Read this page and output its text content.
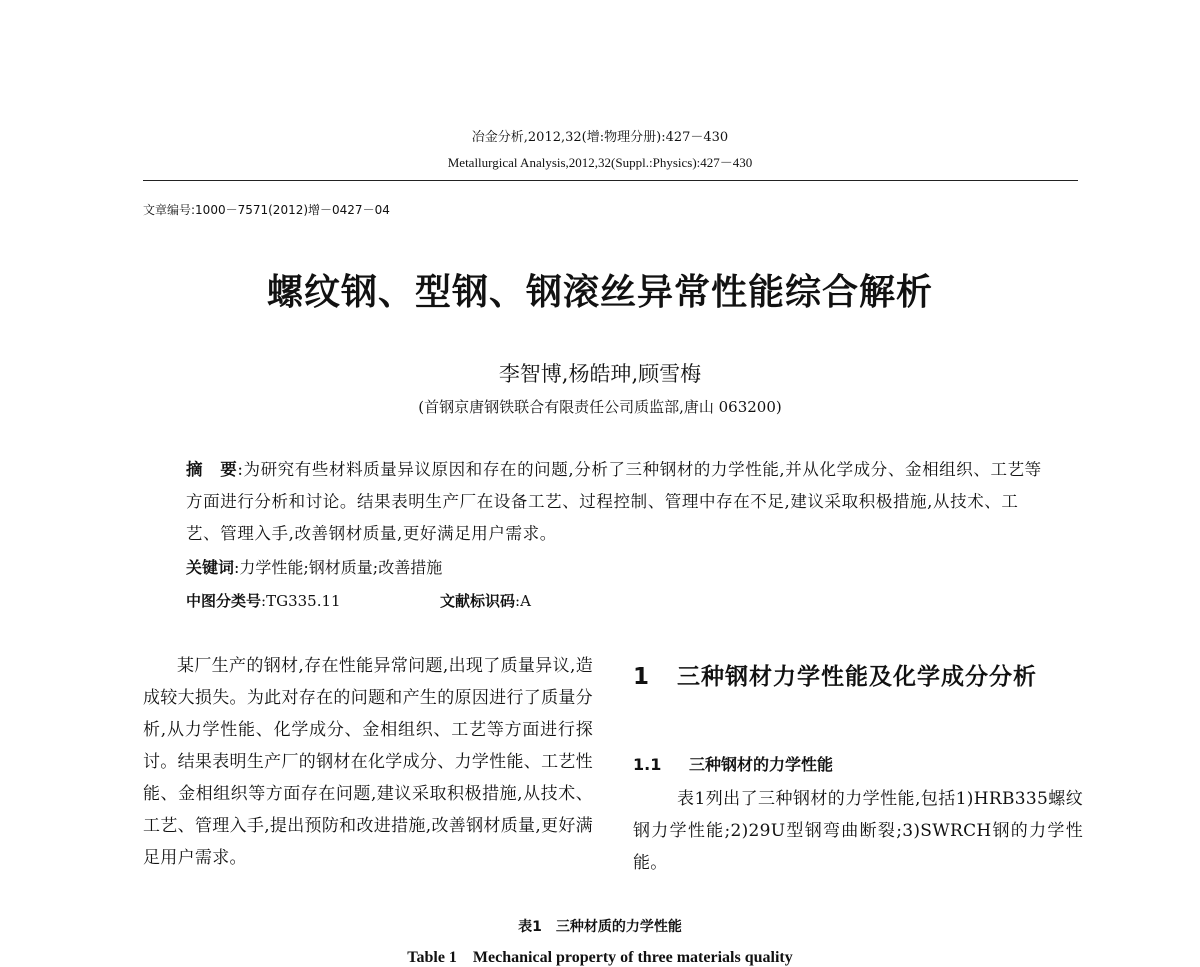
冶金分析,2012,32(增:物理分册):427－430
Metallurgical Analysis,2012,32(Suppl.:Physics):427－430
文章编号:1000－7571(2012)增－0427－04
螺纹钢、型钢、钢滚丝异常性能综合解析
李智博,杨皓珅,顾雪梅
(首钢京唐钢铁联合有限责任公司质监部,唐山 063200)

摘　要:为研究有些材料质量异议原因和存在的问题,分析了三种钢材的力学性能,并从化学成分、金相组织、工艺等方面进行分析和讨论。结果表明生产厂在设备工艺、过程控制、管理中存在不足,建议采取积极措施,从技术、工艺、管理入手,改善钢材质量,更好满足用户需求。

关键词:力学性能;钢材质量;改善措施
中图分类号:TG335.11	文献标识码:A

某厂生产的钢材,存在性能异常问题,出现了质量异议,造成较大损失。为此对存在的问题和产生的原因进行了质量分析,从力学性能、化学成分、金相组织、工艺等方面进行探讨。结果表明生产厂的钢材在化学成分、力学性能、工艺性能、金相组织等方面存在问题,建议采取积极措施,从技术、工艺、管理入手,提出预防和改进措施,改善钢材质量,更好满足用户需求。

1 三种钢材力学性能及化学成分分析
1.1 三种钢材的力学性能

表1列出了三种钢材的力学性能,包括1)HRB335螺纹钢力学性能;2)29U型钢弯曲断裂;3)SWRCH钢的力学性能。

表1　三种材质的力学性能
Table 1　Mechanical property of three materials quality
